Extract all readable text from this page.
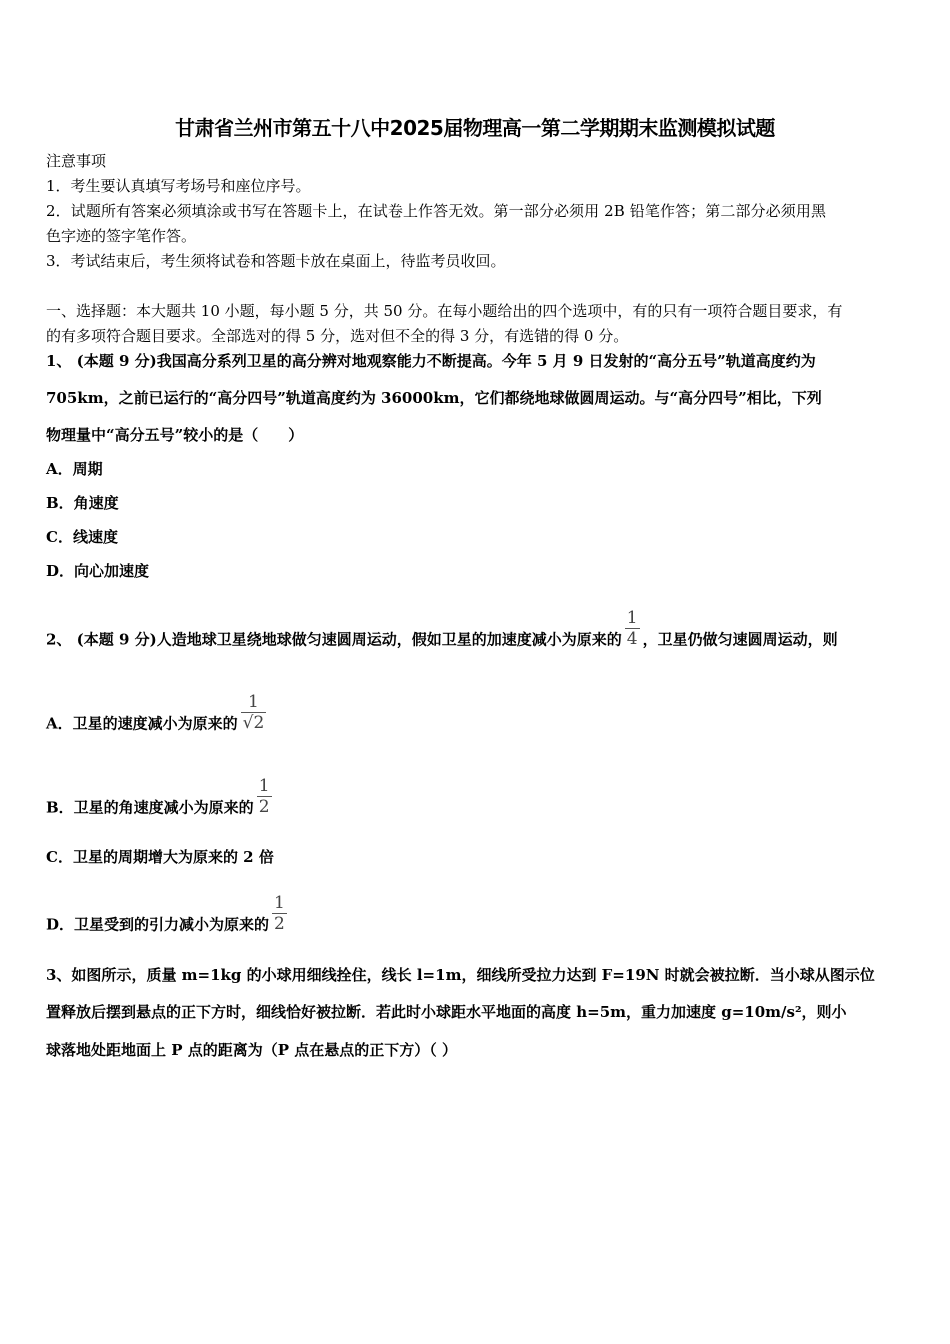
甘肃省兰州市第五十八中2025届物理高一第二学期期末监测模拟试题
注意事项
1．考生要认真填写考场号和座位序号。
2．试题所有答案必须填涂或书写在答题卡上，在试卷上作答无效。第一部分必须用 2B 铅笔作答；第二部分必须用黑
色字迹的签字笔作答。
3．考试结束后，考生须将试卷和答题卡放在桌面上，待监考员收回。
一、选择题：本大题共 10 小题，每小题 5 分，共 50 分。在每小题给出的四个选项中，有的只有一项符合题目要求，有
的有多项符合题目要求。全部选对的得 5 分，选对但不全的得 3 分，有选错的得 0 分。
1、 (本题 9 分)我国高分系列卫星的高分辨对地观察能力不断提高。今年 5 月 9 日发射的“高分五号”轨道高度约为
705km，之前已运行的“高分四号”轨道高度约为 36000km，它们都绕地球做圆周运动。与“高分四号”相比，下列
物理量中“高分五号”较小的是（　　）
A．周期
B．角速度
C．线速度
D．向心加速度
2、 (本题 9 分)人造地球卫星绕地球做匀速圆周运动，假如卫星的加速度减小为原来的 $\frac{1}{4}$ ，卫星仍做匀速圆周运动，则
A．卫星的速度减小为原来的 $\frac{1}{√2}$
B．卫星的角速度减小为原来的 $\frac{1}{2}$
C．卫星的周期增大为原来的 2 倍
D．卫星受到的引力减小为原来的 $\frac{1}{2}$
3、如图所示，质量 m=1kg 的小球用细线拴住，线长 l=1m，细线所受拉力达到 F=19N 时就会被拉断．当小球从图示位
置释放后摆到悬点的正下方时，细线恰好被拉断．若此时小球距水平地面的高度 h=5m，重力加速度 g=10m/s²，则小
球落地处距地面上 P 点的距离为（P 点在悬点的正下方）（ ）
